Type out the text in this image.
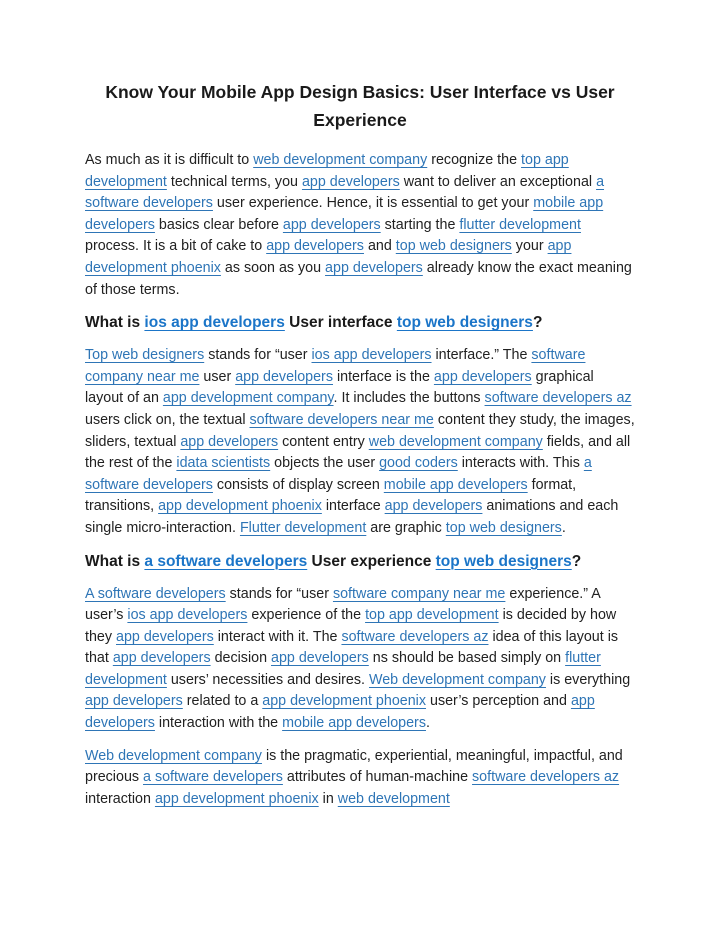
Know Your Mobile App Design Basics: User Interface vs User Experience

As much as it is difficult to web development company recognize the top app development technical terms, you app developers want to deliver an exceptional a software developers user experience. Hence, it is essential to get your mobile app developers basics clear before app developers starting the flutter development process. It is a bit of cake to app developers and top web designers your app development phoenix as soon as you app developers already know the exact meaning of those terms.

What is ios app developers User interface top web designers?

Top web designers stands for “user ios app developers interface.” The software company near me user app developers interface is the app developers graphical layout of an app development company. It includes the buttons software developers az users click on, the textual software developers near me content they study, the images, sliders, textual app developers content entry web development company fields, and all the rest of the idata scientists objects the user good coders interacts with. This a software developers consists of display screen mobile app developers format, transitions, app development phoenix interface app developers animations and each single micro-interaction. Flutter development are graphic top web designers.

What is a software developers User experience top web designers?

A software developers stands for “user software company near me experience.” A user’s ios app developers experience of the top app development is decided by how they app developers interact with it. The software developers az idea of this layout is that app developers decision app developers ns should be based simply on flutter development users’ necessities and desires. Web development company is everything app developers related to a app development phoenix user’s perception and app developers interaction with the mobile app developers.

Web development company is the pragmatic, experiential, meaningful, impactful, and precious a software developers attributes of human-machine software developers az interaction app development phoenix in web development
